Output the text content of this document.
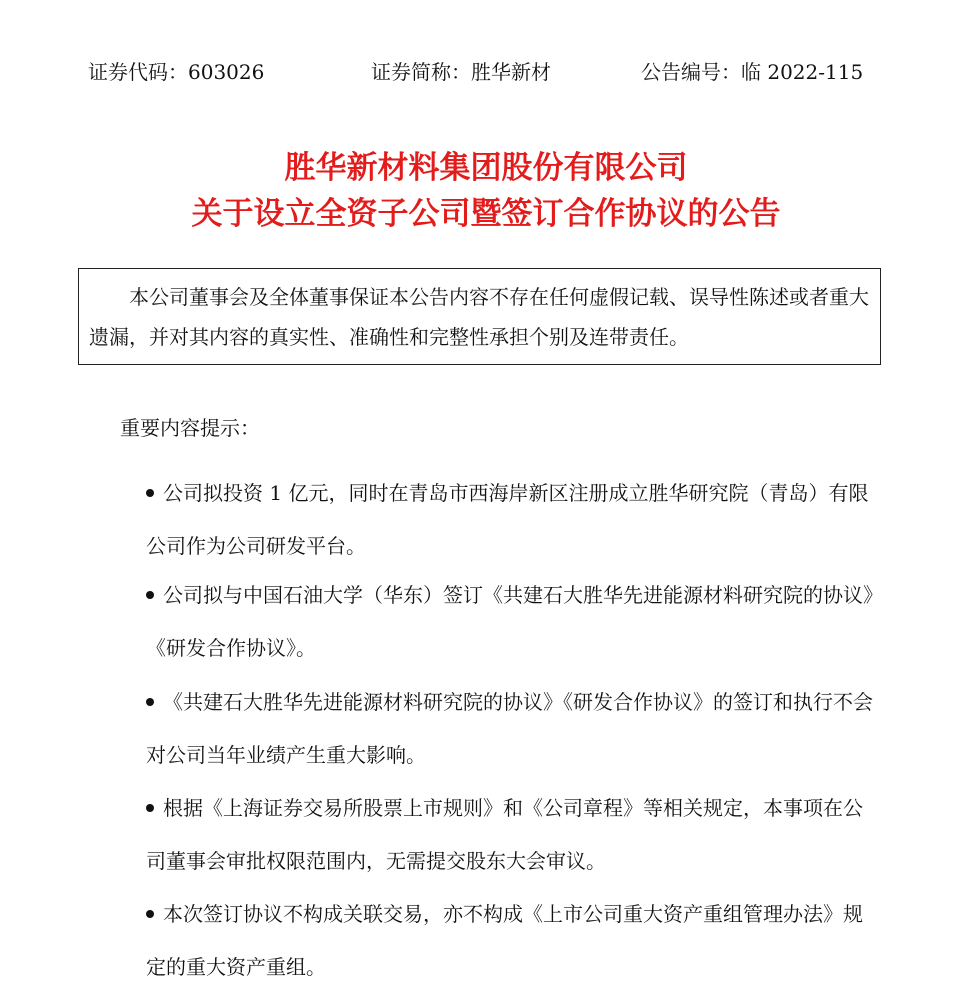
证券代码：603026	证券简称：胜华新材	公告编号：临 2022-115
胜华新材料集团股份有限公司
关于设立全资子公司暨签订合作协议的公告

本公司董事会及全体董事保证本公告内容不存在任何虚假记载、误导性陈述或者重大遗漏，并对其内容的真实性、准确性和完整性承担个别及连带责任。

重要内容提示：

公司拟投资 1 亿元，同时在青岛市西海岸新区注册成立胜华研究院（青岛）有限公司作为公司研发平台。

公司拟与中国石油大学（华东）签订《共建石大胜华先进能源材料研究院的协议》《研发合作协议》。

《共建石大胜华先进能源材料研究院的协议》《研发合作协议》的签订和执行不会对公司当年业绩产生重大影响。

根据《上海证券交易所股票上市规则》和《公司章程》等相关规定，本事项在公司董事会审批权限范围内，无需提交股东大会审议。

本次签订协议不构成关联交易，亦不构成《上市公司重大资产重组管理办法》规定的重大资产重组。
